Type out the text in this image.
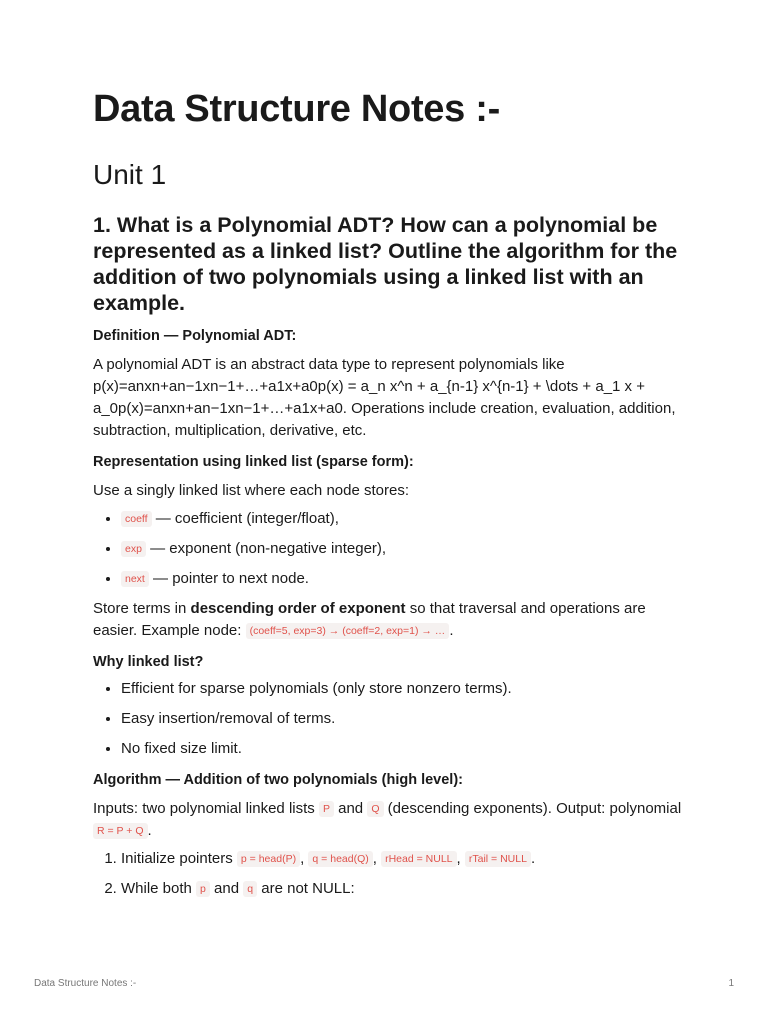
Data Structure Notes :-
Unit 1
1. What is a Polynomial ADT? How can a polynomial be represented as a linked list? Outline the algorithm for the addition of two polynomials using a linked list with an example.
Definition — Polynomial ADT:

A polynomial ADT is an abstract data type to represent polynomials like p(x)=anxn+an−1xn−1+…+a1x+a0p(x) = a_n x^n + a_{n-1} x^{n-1} + \dots + a_1 x + a_0p(x)=anxn+an−1xn−1+…+a1x+a0. Operations include creation, evaluation, addition, subtraction, multiplication, derivative, etc.

Representation using linked list (sparse form):

Use a singly linked list where each node stores:

• coeff — coefficient (integer/float),
• exp — exponent (non-negative integer),
• next — pointer to next node.

Store terms in descending order of exponent so that traversal and operations are easier. Example node: (coeff=5, exp=3) → (coeff=2, exp=1) → … .

Why linked list?
• Efficient for sparse polynomials (only store nonzero terms).
• Easy insertion/removal of terms.
• No fixed size limit.
Algorithm — Addition of two polynomials (high level):

Inputs: two polynomial linked lists P and Q (descending exponents). Output: polynomial R = P + Q .

1. Initialize pointers p = head(P) , q = head(Q) , rHead = NULL , rTail = NULL .
2. While both p and q are not NULL:
Data Structure Notes :-	1
